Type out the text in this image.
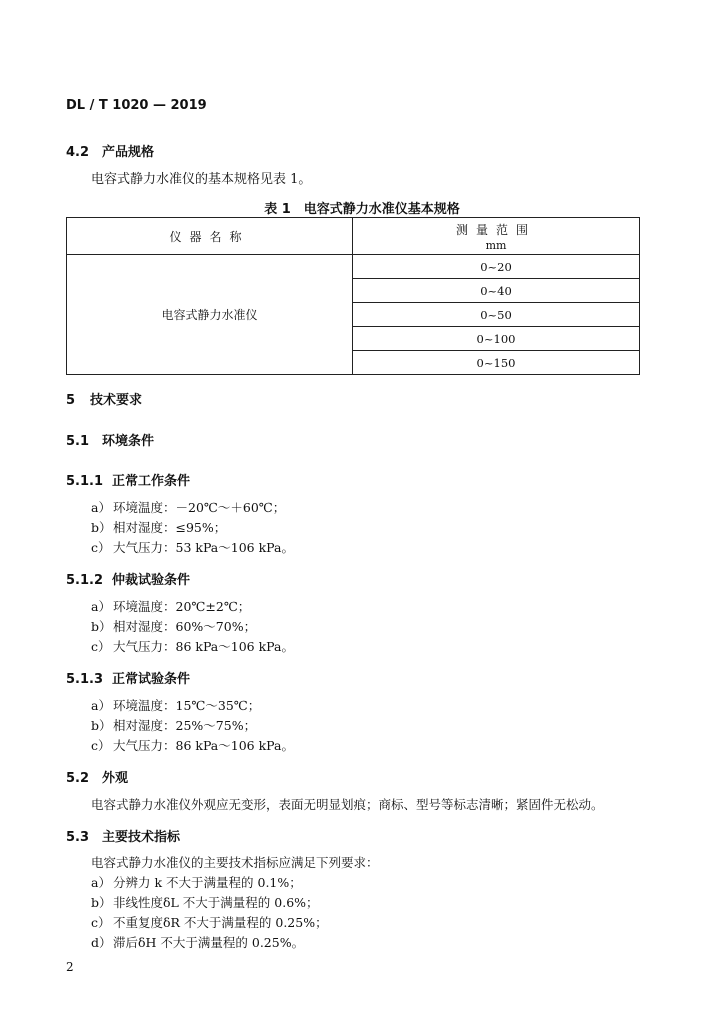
DL / T 1020 — 2019
4.2 产品规格
电容式静力水准仪的基本规格见表 1。
表 1　电容式静力水准仪基本规格
仪器名称	测量范围
mm

电容式静力水准仪	0~20
	0~40
	0~50
	0~100
	0~150
5 技术要求
5.1 环境条件
5.1.1 正常工作条件
a） 环境温度：－20℃～＋60℃；
b）相对湿度：≤95%；
c） 大气压力：53 kPa～106 kPa。
5.1.2 仲裁试验条件
a） 环境温度：20℃±2℃；
b）相对湿度：60%～70%；
c） 大气压力：86 kPa～106 kPa。
5.1.3 正常试验条件
a） 环境温度：15℃～35℃；
b）相对湿度：25%～75%；
c） 大气压力：86 kPa～106 kPa。
5.2 外观
电容式静力水准仪外观应无变形，表面无明显划痕；商标、型号等标志清晰；紧固件无松动。
5.3 主要技术指标
电容式静力水准仪的主要技术指标应满足下列要求：
a） 分辨力 k 不大于满量程的 0.1%；
b）非线性度δL 不大于满量程的 0.6%；
c） 不重复度δR 不大于满量程的 0.25%；
d）滞后δH 不大于满量程的 0.25%。
2
